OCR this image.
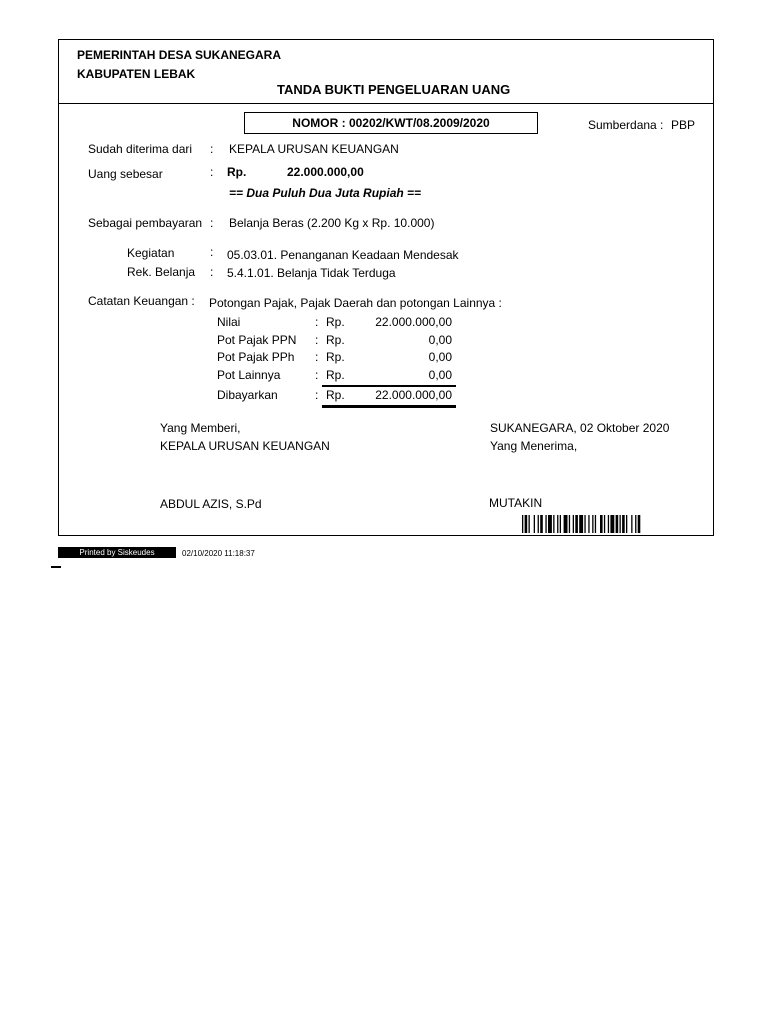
PEMERINTAH DESA SUKANEGARA
KABUPATEN LEBAK
TANDA BUKTI PENGELUARAN UANG
NOMOR : 00202/KWT/08.2009/2020	Sumberdana : PBP
Sudah diterima dari : KEPALA URUSAN KEUANGAN
Uang sebesar	: Rp.	22.000.000,00
== Dua Puluh Dua Juta Rupiah ==
Sebagai pembayaran : Belanja Beras (2.200 Kg x Rp. 10.000)
Kegiatan	: 05.03.01. Penanganan Keadaan Mendesak
Rek. Belanja : 5.4.1.01. Belanja Tidak Terduga
Catatan Keuangan : Potongan Pajak, Pajak Daerah dan potongan Lainnya :
Nilai	: Rp.	22.000.000,00
Pot Pajak PPN : Rp.	0,00
Pot Pajak PPh : Rp.	0,00
Pot Lainnya	: Rp.	0,00
Dibayarkan	: Rp.	22.000.000,00
Yang Memberi,
KEPALA URUSAN KEUANGAN
ABDUL AZIS, S.Pd
SUKANEGARA, 02 Oktober 2020
Yang Menerima,
MUTAKIN
Printed by Siskeudes	02/10/2020 11:18:37
